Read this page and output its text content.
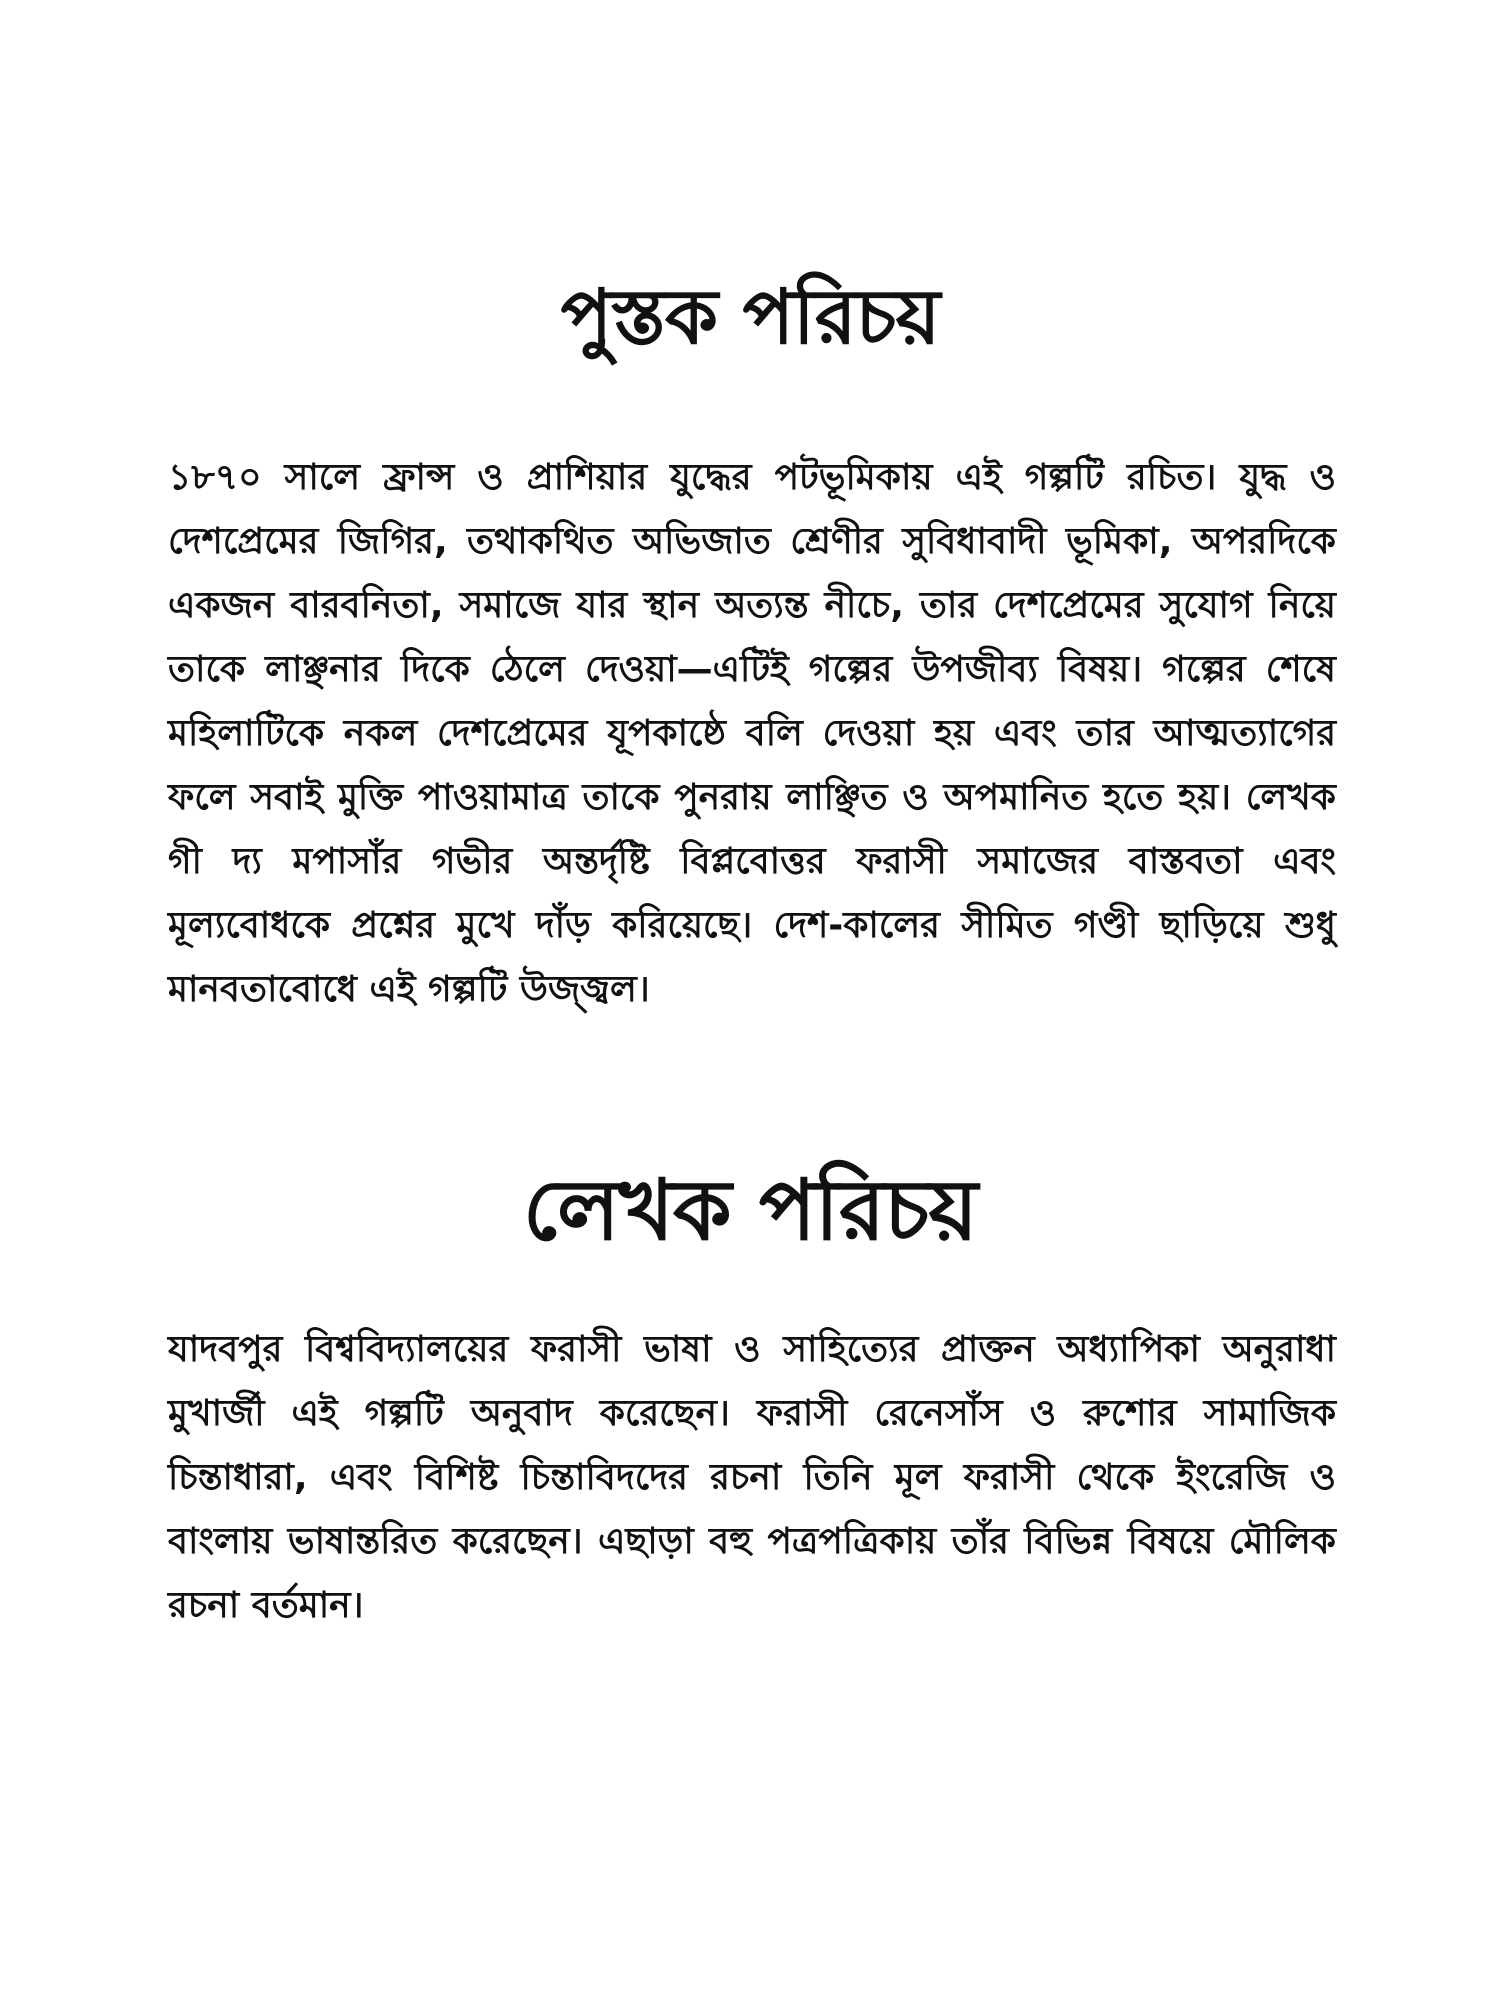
পুস্তক পরিচয়

১৮৭০ সালে ফ্রান্স ও প্রাশিয়ার যুদ্ধের পটভূমিকায় এই গল্পটি রচিত। যুদ্ধ ও দেশপ্রেমের জিগির, তথাকথিত অভিজাত শ্রেণীর সুবিধাবাদী ভূমিকা, অপরদিকে একজন বারবনিতা, সমাজে যার স্থান অত্যন্ত নীচে, তার দেশপ্রেমের সুযোগ নিয়ে তাকে লাঞ্ছনার দিকে ঠেলে দেওয়া—এটিই গল্পের উপজীব্য বিষয়। গল্পের শেষে মহিলাটিকে নকল দেশপ্রেমের যূপকাষ্ঠে বলি দেওয়া হয় এবং তার আত্মত্যাগের ফলে সবাই মুক্তি পাওয়ামাত্র তাকে পুনরায় লাঞ্ছিত ও অপমানিত হতে হয়। লেখক গী দ্য মপাসাঁর গভীর অন্তর্দৃষ্টি বিপ্লবোত্তর ফরাসী সমাজের বাস্তবতা এবং মূল্যবোধকে প্রশ্নের মুখে দাঁড় করিয়েছে। দেশ-কালের সীমিত গণ্ডী ছাড়িয়ে শুধু মানবতাবোধে এই গল্পটি উজ্জ্বল।

লেখক পরিচয়

যাদবপুর বিশ্ববিদ্যালয়ের ফরাসী ভাষা ও সাহিত্যের প্রাক্তন অধ্যাপিকা অনুরাধা মুখার্জী এই গল্পটি অনুবাদ করেছেন। ফরাসী রেনেসাঁস ও রুশোর সামাজিক চিন্তাধারা, এবং বিশিষ্ট চিন্তাবিদদের রচনা তিনি মূল ফরাসী থেকে ইংরেজি ও বাংলায় ভাষান্তরিত করেছেন। এছাড়া বহু পত্রপত্রিকায় তাঁর বিভিন্ন বিষয়ে মৌলিক রচনা বর্তমান।
